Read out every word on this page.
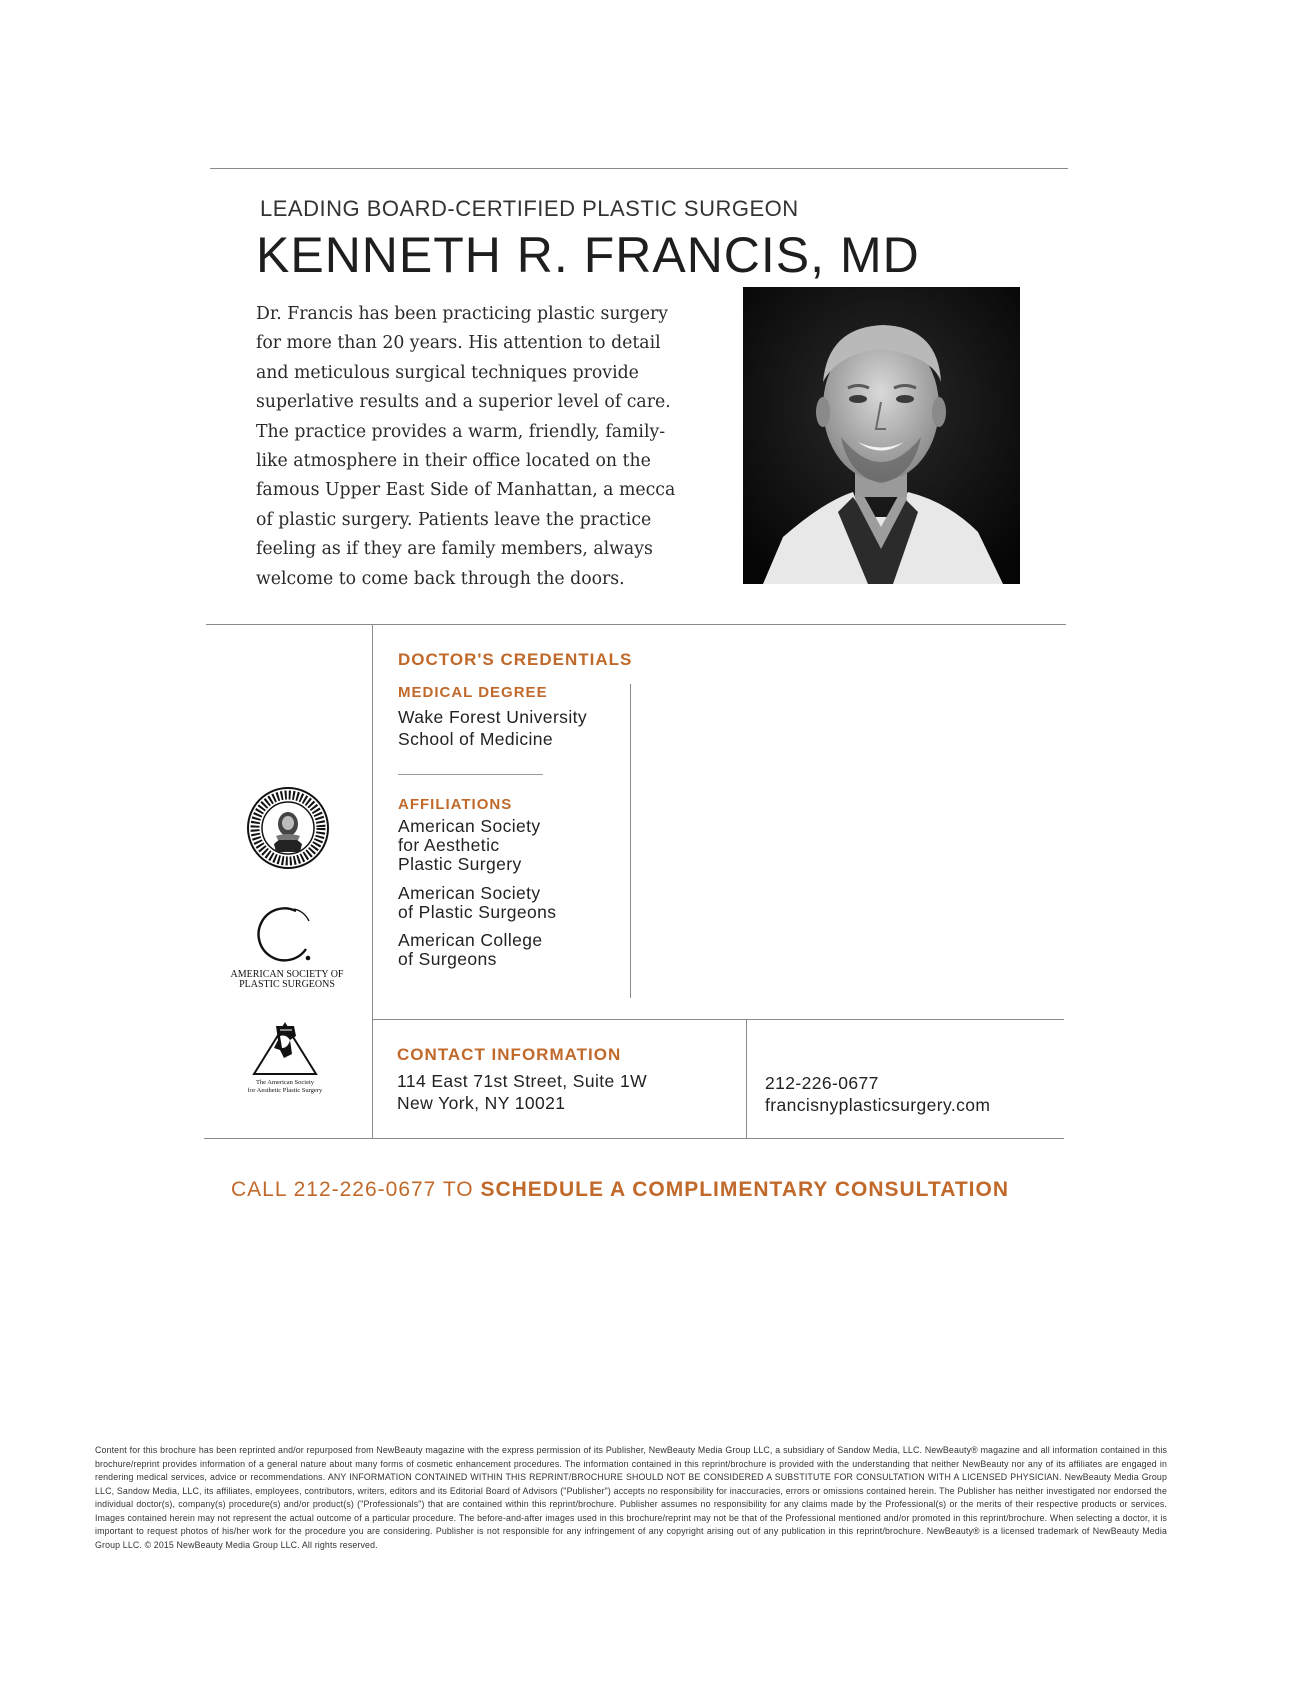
LEADING BOARD-CERTIFIED PLASTIC SURGEON
KENNETH R. FRANCIS, MD
Dr. Francis has been practicing plastic surgery for more than 20 years. His attention to detail and meticulous surgical techniques provide superlative results and a superior level of care. The practice provides a warm, friendly, family-like atmosphere in their office located on the famous Upper East Side of Manhattan, a mecca of plastic surgery. Patients leave the practice feeling as if they are family members, always welcome to come back through the doors.
AMERICAN SOCIETY OF
PLASTIC SURGEONS
The American Society
for Aesthetic Plastic Surgery
DOCTOR'S CREDENTIALS
MEDICAL DEGREE
Wake Forest University
School of Medicine
AFFILIATIONS
American Society
for Aesthetic
Plastic Surgery
American Society
of Plastic Surgeons
American College
of Surgeons
CONTACT INFORMATION
114 East 71st Street, Suite 1W
New York, NY 10021
212-226-0677
francisnyplasticsurgery.com
CALL 212-226-0677 TO SCHEDULE A COMPLIMENTARY CONSULTATION
Content for this brochure has been reprinted and/or repurposed from NewBeauty magazine with the express permission of its Publisher, NewBeauty Media Group LLC, a subsidiary of Sandow Media, LLC. NewBeauty® magazine and all information contained in this brochure/reprint provides information of a general nature about many forms of cosmetic enhancement procedures. The information contained in this reprint/brochure is provided with the understanding that neither NewBeauty nor any of its affiliates are engaged in rendering medical services, advice or recommendations. ANY INFORMATION CONTAINED WITHIN THIS REPRINT/BROCHURE SHOULD NOT BE CONSIDERED A SUBSTITUTE FOR CONSULTATION WITH A LICENSED PHYSICIAN. NewBeauty Media Group LLC, Sandow Media, LLC, its affiliates, employees, contributors, writers, editors and its Editorial Board of Advisors ("Publisher") accepts no responsibility for inaccuracies, errors or omissions contained herein. The Publisher has neither investigated nor endorsed the individual doctor(s), company(s) procedure(s) and/or product(s) ("Professionals") that are contained within this reprint/brochure. Publisher assumes no responsibility for any claims made by the Professional(s) or the merits of their respective products or services. Images contained herein may not represent the actual outcome of a particular procedure. The before-and-after images used in this brochure/reprint may not be that of the Professional mentioned and/or promoted in this reprint/brochure. When selecting a doctor, it is important to request photos of his/her work for the procedure you are considering. Publisher is not responsible for any infringement of any copyright arising out of any publication in this reprint/brochure. NewBeauty® is a licensed trademark of NewBeauty Media Group LLC. © 2015 NewBeauty Media Group LLC. All rights reserved.
